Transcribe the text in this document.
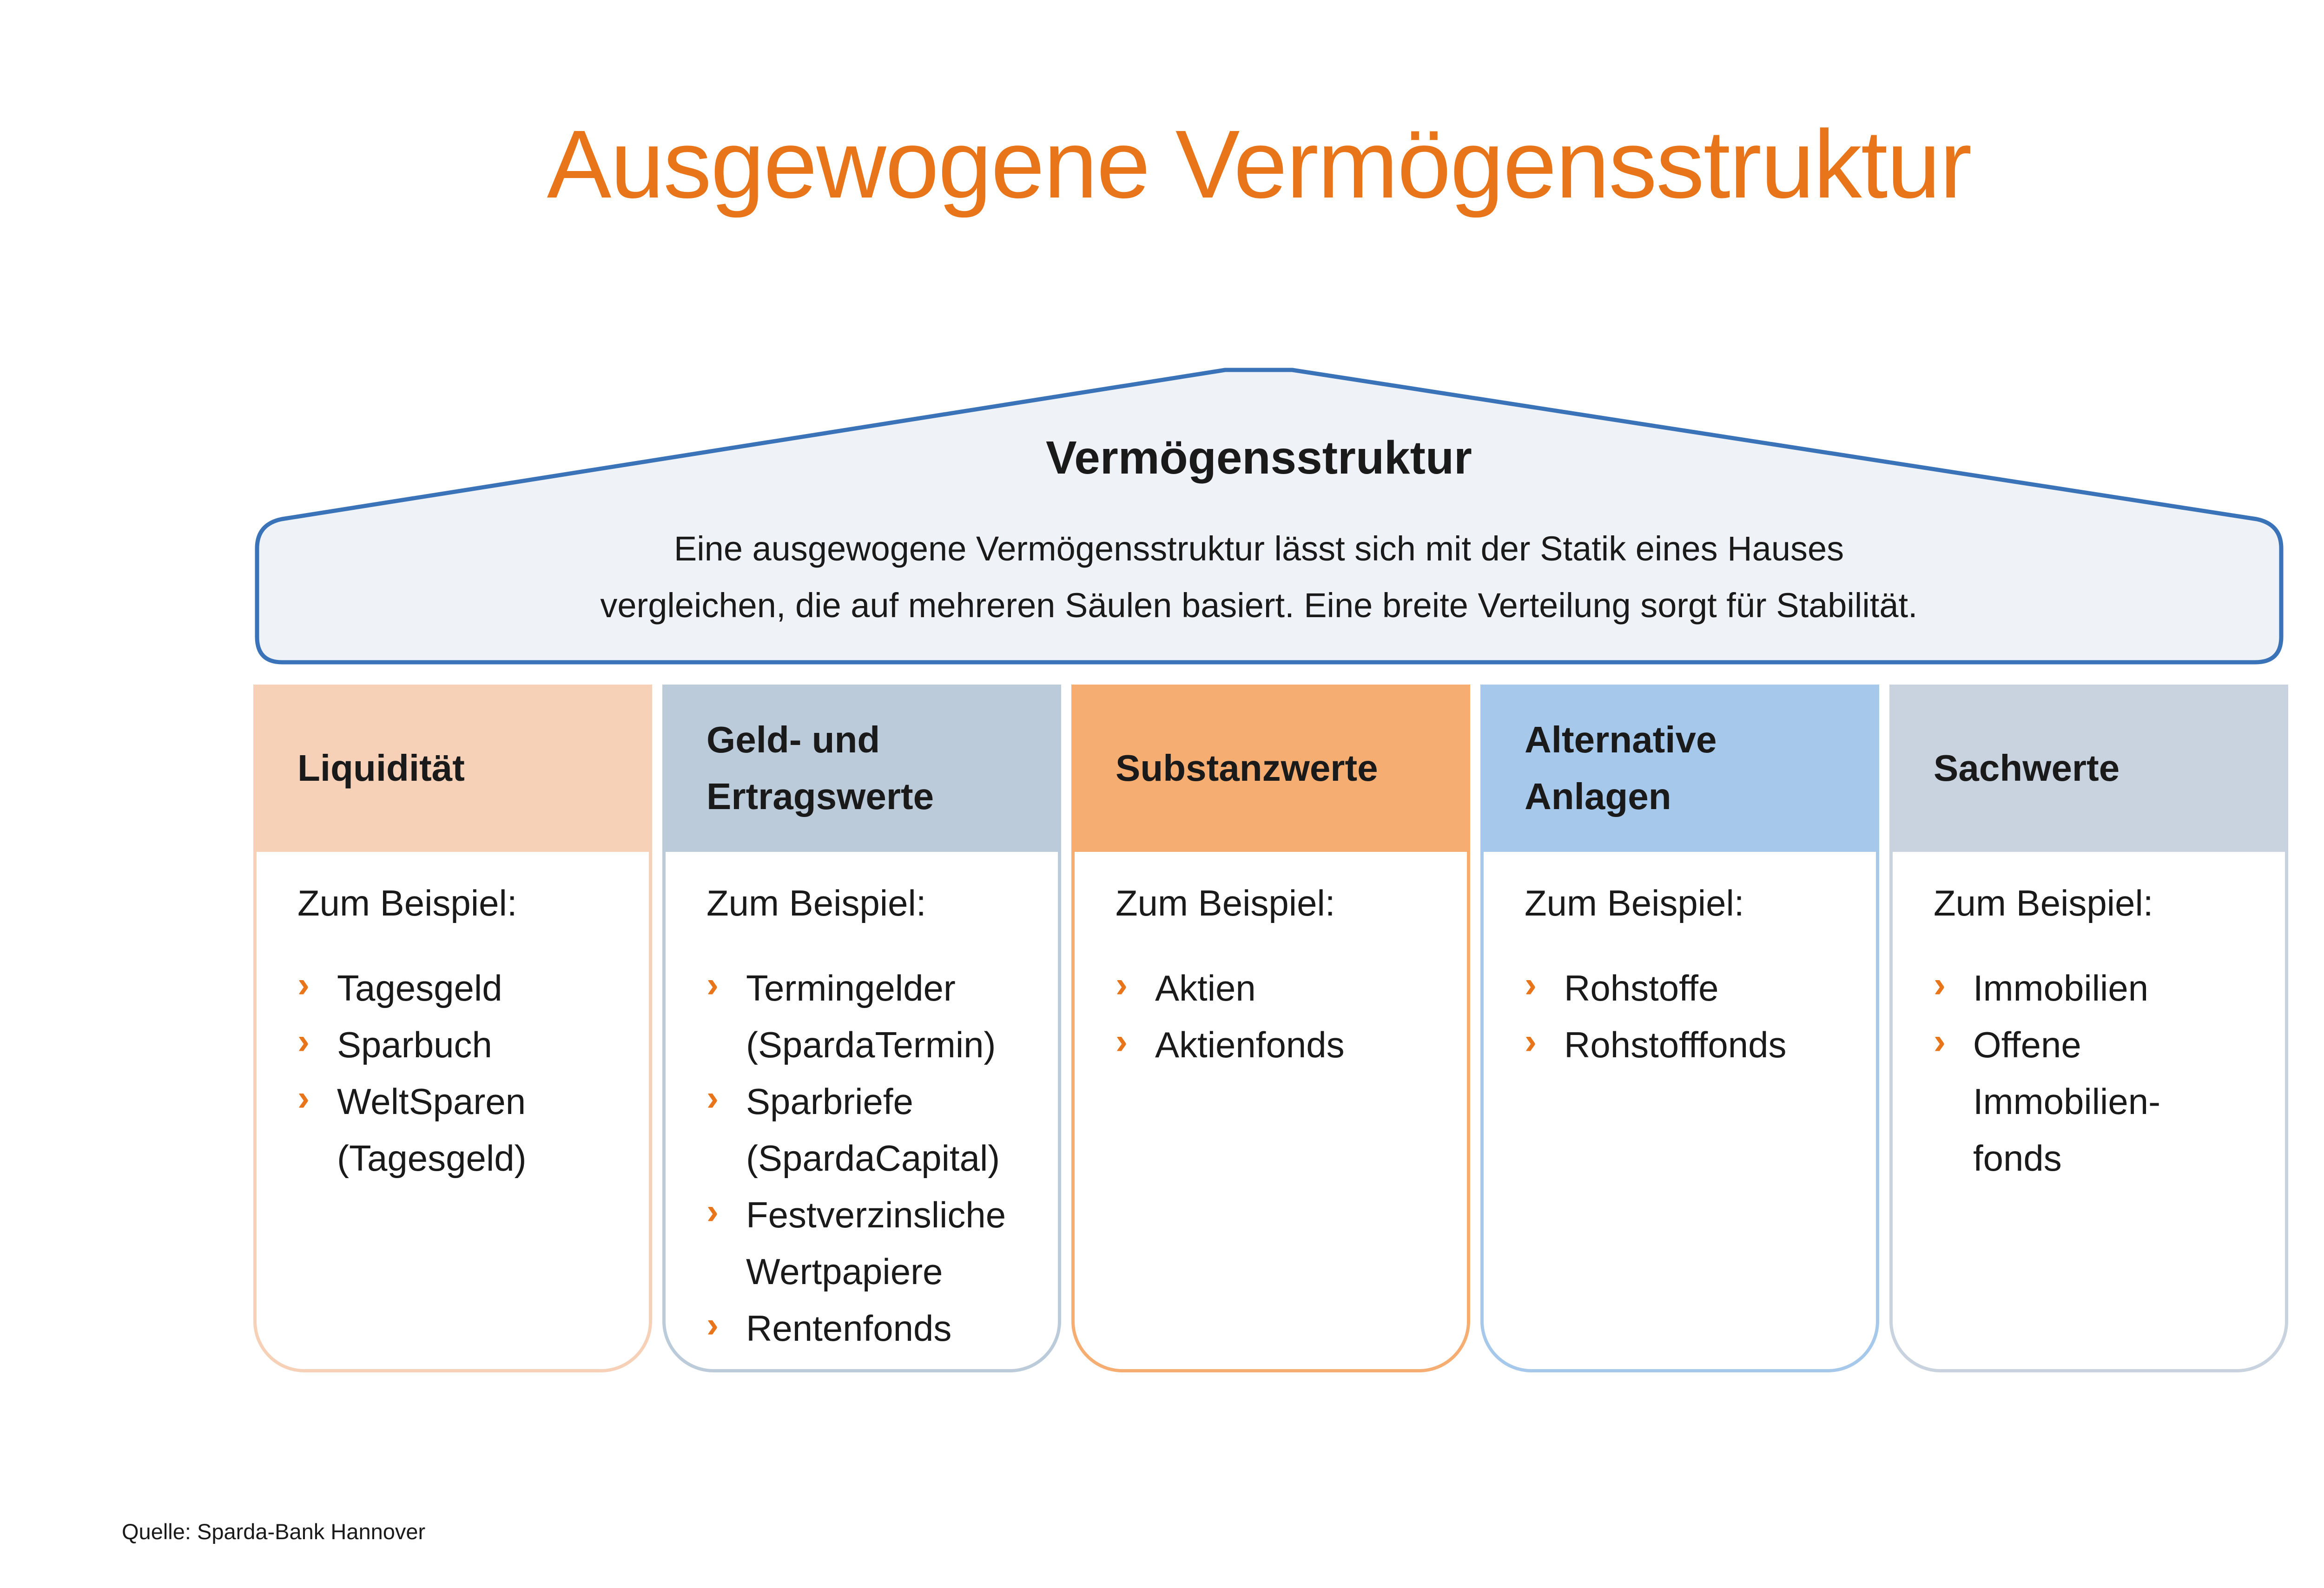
Ausgewogene Vermögensstruktur
Vermögensstruktur
Eine ausgewogene Vermögensstruktur lässt sich mit der Statik eines Hauses
vergleichen, die auf mehreren Säulen basiert. Eine breite Verteilung sorgt für Stabilität.
Liquidität
Zum Beispiel:
› Tagesgeld
› Sparbuch
› WeltSparen
(Tagesgeld)
Geld- und
Ertragswerte
Zum Beispiel:
› Termingelder
(SpardaTermin)
› Sparbriefe
(SpardaCapital)
› Festverzinsliche
Wertpapiere
› Rentenfonds
Substanzwerte
Zum Beispiel:
› Aktien
› Aktienfonds
Alternative
Anlagen
Zum Beispiel:
› Rohstoffe
› Rohstofffonds
Sachwerte
Zum Beispiel:
› Immobilien
› Offene
Immobilien-
fonds
Quelle: Sparda-Bank Hannover
